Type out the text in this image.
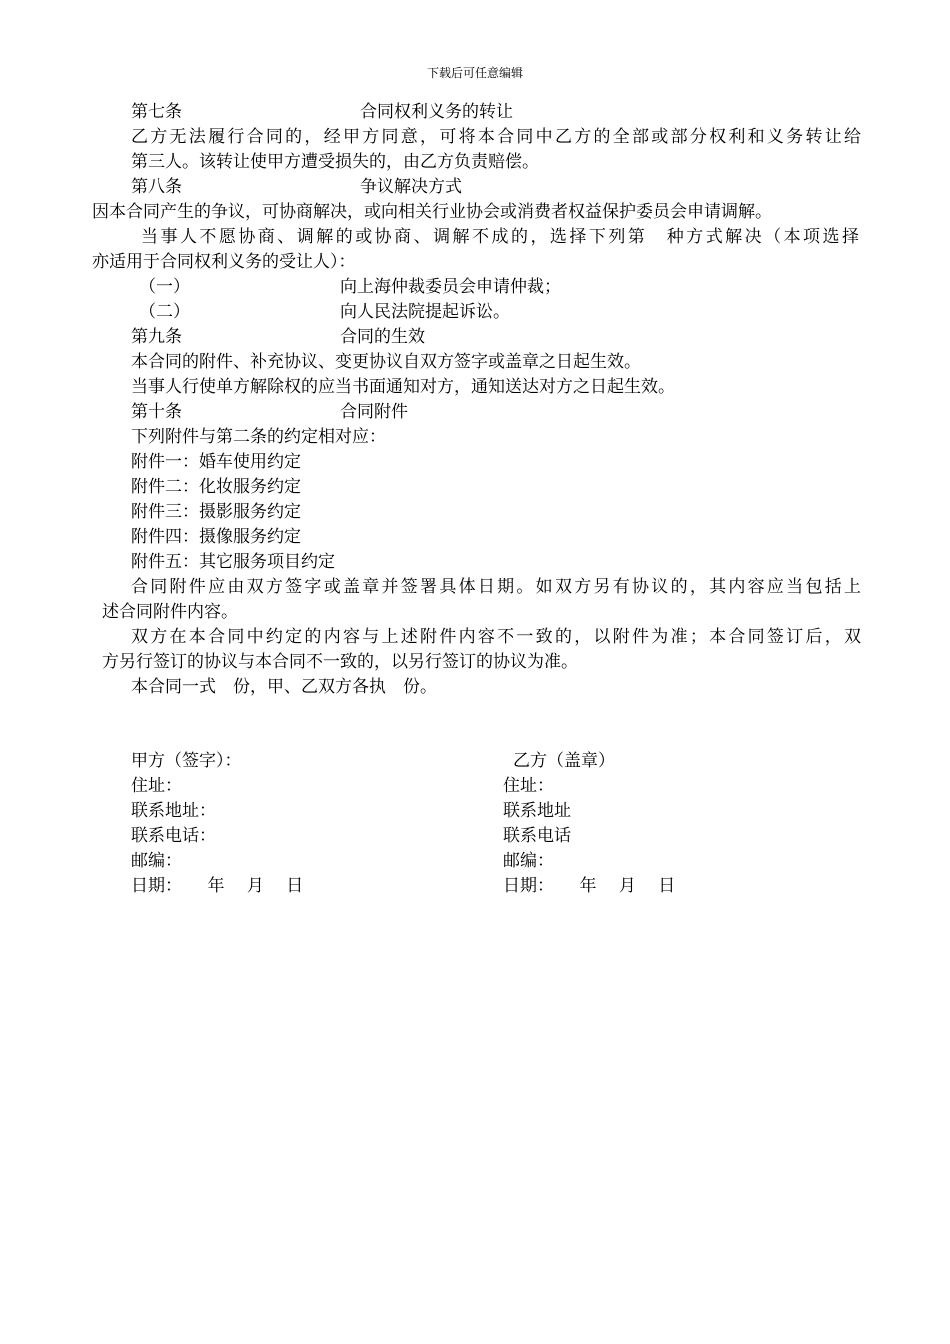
下载后可任意编辑
第七条	合同权利义务的转让
乙方无法履行合同的，经甲方同意，可将本合同中乙方的全部或部分权利和义务转让给
第三人。该转让使甲方遭受损失的，由乙方负责赔偿。
第八条	争议解决方式
因本合同产生的争议，可协商解决，或向相关行业协会或消费者权益保护委员会申请调解。
当事人不愿协商、调解的或协商、调解不成的，选择下列第　种方式解决（本项选择
亦适用于合同权利义务的受让人）：
（一）	向上海仲裁委员会申请仲裁；
（二）	向人民法院提起诉讼。
第九条	合同的生效
本合同的附件、补充协议、变更协议自双方签字或盖章之日起生效。
当事人行使单方解除权的应当书面通知对方，通知送达对方之日起生效。
第十条	合同附件
下列附件与第二条的约定相对应：
附件一：婚车使用约定
附件二：化妆服务约定
附件三：摄影服务约定
附件四：摄像服务约定
附件五：其它服务项目约定
合同附件应由双方签字或盖章并签署具体日期。如双方另有协议的，其内容应当包括上
述合同附件内容。
双方在本合同中约定的内容与上述附件内容不一致的，以附件为准；本合同签订后，双
方另行签订的协议与本合同不一致的，以另行签订的协议为准。
本合同一式　份，甲、乙双方各执　份。
甲方（签字）：	乙方（盖章）
住址：	住址：
联系地址：	联系地址
联系电话：	联系电话
邮编：	邮编：
日期：　　年　 月　 日	日期：　　年　 月　 日
